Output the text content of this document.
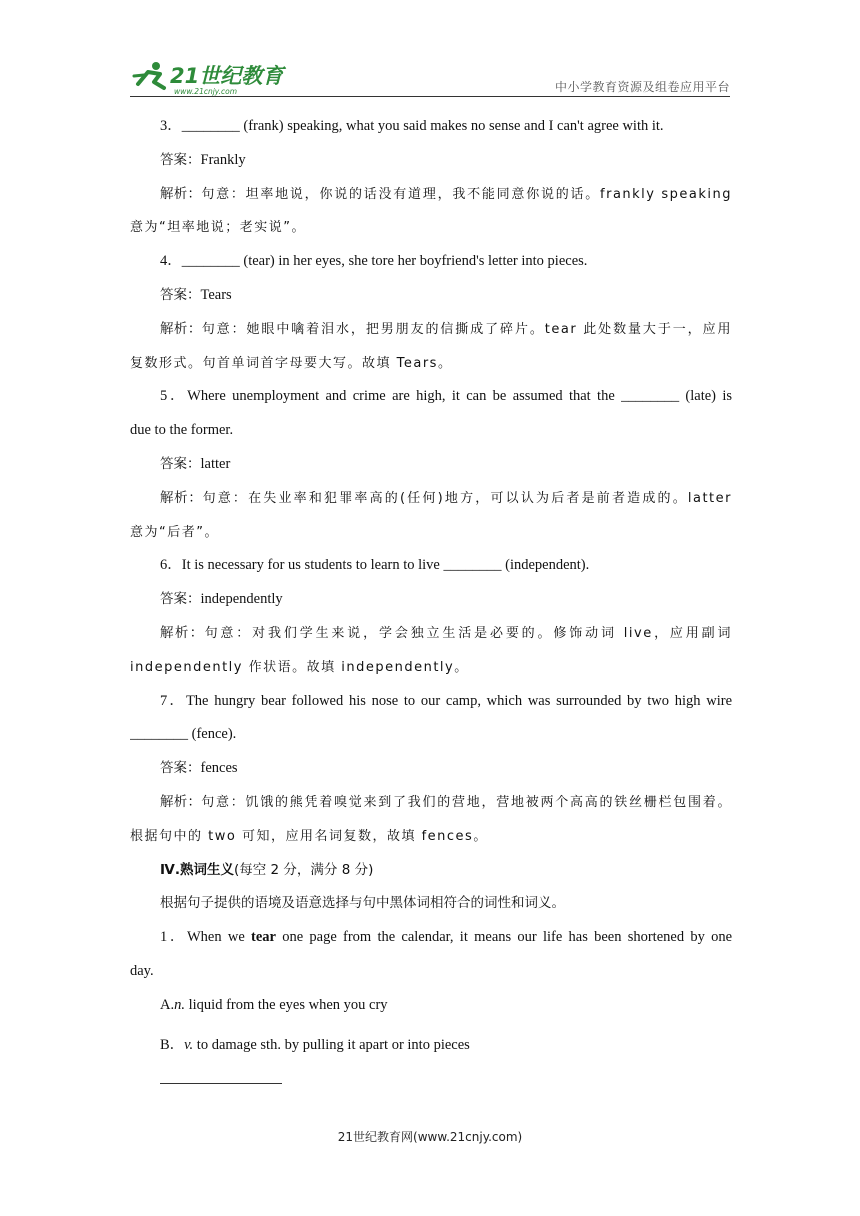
21世纪教育
www.21cnjy.com	中小学教育资源及组卷应用平台
3．________ (frank) speaking, what you said makes no sense and I can't agree with it.
答案：Frankly
解析：句意：坦率地说，你说的话没有道理，我不能同意你说的话。frankly speaking
意为“坦率地说；老实说”。
4．________ (tear) in her eyes, she tore her boyfriend's letter into pieces.
答案：Tears
解析：句意：她眼中噙着泪水，把男朋友的信撕成了碎片。tear 此处数量大于一，应用
复数形式。句首单词首字母要大写。故填 Tears。
5．Where unemployment and crime are high, it can be assumed that the ________ (late) is
due to the former.
答案：latter
解析：句意：在失业率和犯罪率高的(任何)地方，可以认为后者是前者造成的。latter
意为“后者”。
6．It is necessary for us students to learn to live ________ (independent).
答案：independently
解析：句意：对我们学生来说，学会独立生活是必要的。修饰动词 live，应用副词
independently 作状语。故填 independently。
7．The hungry bear followed his nose to our camp, which was surrounded by two high wire
________ (fence).
答案：fences
解析：句意：饥饿的熊凭着嗅觉来到了我们的营地，营地被两个高高的铁丝栅栏包围着。
根据句中的 two 可知，应用名词复数，故填 fences。
Ⅳ.熟词生义(每空 2 分，满分 8 分)
根据句子提供的语境及语意选择与句中黑体词相符合的词性和词义。
1．When we tear one page from the calendar, it means our life has been shortened by one
day.
A.n. liquid from the eyes when you cry
B．v. to damage sth. by pulling it apart or into pieces
21世纪教育网(www.21cnjy.com)
